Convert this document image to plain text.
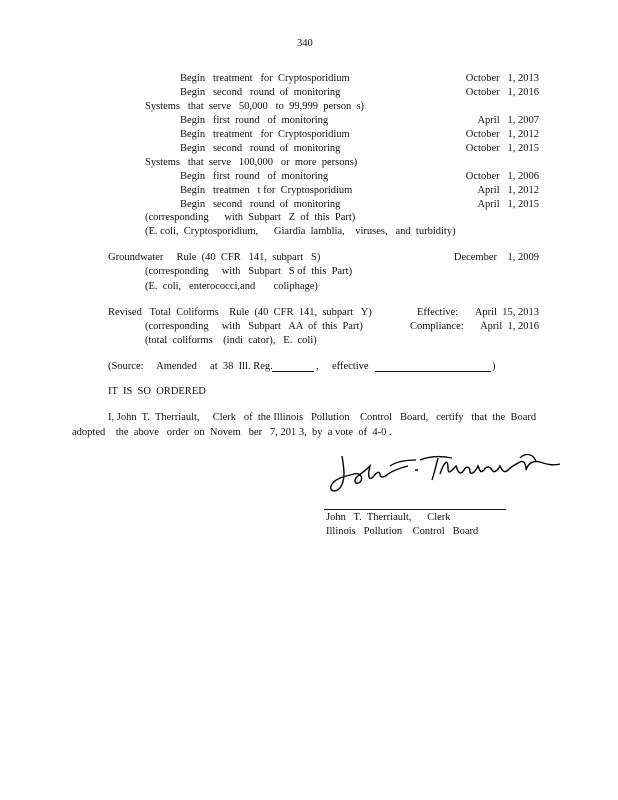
340
Begin   treatment   for  Cryptosporidium	October   1, 2013
Begin   second   round  of  monitoring	October   1, 2016
Systems   that  serve   50,000   to  99,999  person  s)
Begin   first  round   of  monitoring	April   1, 2007
Begin   treatment   for  Cryptosporidium	October   1, 2012
Begin   second   round  of  monitoring	October   1, 2015
Systems   that  serve   100,000   or  more  persons)
Begin   first  round   of  monitoring	October   1, 2006
Begin   treatmen   t for  Cryptosporidium	April   1, 2012
Begin   second   round  of  monitoring	April   1, 2015
(corresponding      with  Subpart   Z  of  this  Part)
(E. coli,  Cryptosporidium,      Giardia  lamblia,    viruses,   and  turbidity)
Groundwater     Rule  (40  CFR   141,  subpart   S)	December    1, 2009
(corresponding     with   Subpart   S of  this  Part)
(E.  coli,   enterococci,and       coliphage)
Revised   Total  Coliforms    Rule  (40  CFR  141,  subpart   Y)	Effective: April  15, 2013
(corresponding     with   Subpart   AA  of  this  Part)	Compliance: April  1, 2016
(total  coliforms    (indi  cator),   E.  coli)
(Source:     Amended     at  38  Ill. Reg.	, effective	)
IT  IS  SO  ORDERED
I, John  T.  Therriault,     Clerk   of  the Illinois   Pollution    Control   Board,   certify   that  the  Board
adopted    the  above   order  on  Novem   ber   7, 201 3,  by  a vote  of  4-0 .
John   T.  Therriault,      Clerk
Illinois   Pollution    Control   Board
